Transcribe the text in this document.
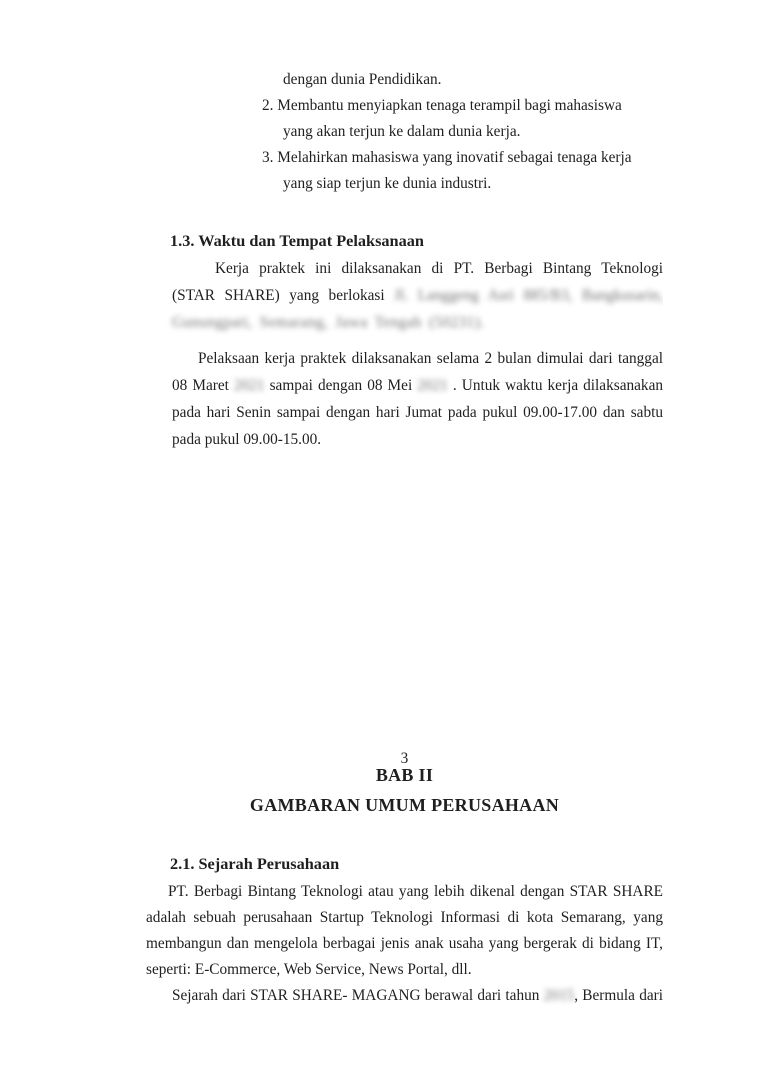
dengan dunia Pendidikan.
2. Membantu menyiapkan tenaga terampil bagi mahasiswa
yang akan terjun ke dalam dunia kerja.
3. Melahirkan mahasiswa yang inovatif sebagai tenaga kerja
yang siap terjun ke dunia industri.
1.3. Waktu dan Tempat Pelaksanaan
Kerja praktek ini dilaksanakan di PT. Berbagi Bintang Teknologi
(STAR SHARE) yang berlokasi Jl. Langgeng Asri 885/B3, Bangkusarin,
Gunungpati, Semarang, Jawa Tengah (50231).
Pelaksaan kerja praktek dilaksanakan selama 2 bulan dimulai dari tanggal
08 Maret 2021 sampai dengan 08 Mei 2021 . Untuk waktu kerja dilaksanakan
pada hari Senin sampai dengan hari Jumat pada pukul 09.00-17.00 dan sabtu
pada pukul 09.00-15.00.
3
BAB II
GAMBARAN UMUM PERUSAHAAN
2.1. Sejarah Perusahaan
PT. Berbagi Bintang Teknologi atau yang lebih dikenal dengan STAR SHARE
adalah sebuah perusahaan Startup Teknologi Informasi di kota Semarang, yang
membangun dan mengelola berbagai jenis anak usaha yang bergerak di bidang IT,
seperti: E-Commerce, Web Service, News Portal, dll.
Sejarah dari STAR SHARE- MAGANG berawal dari tahun 2015, Bermula dari
